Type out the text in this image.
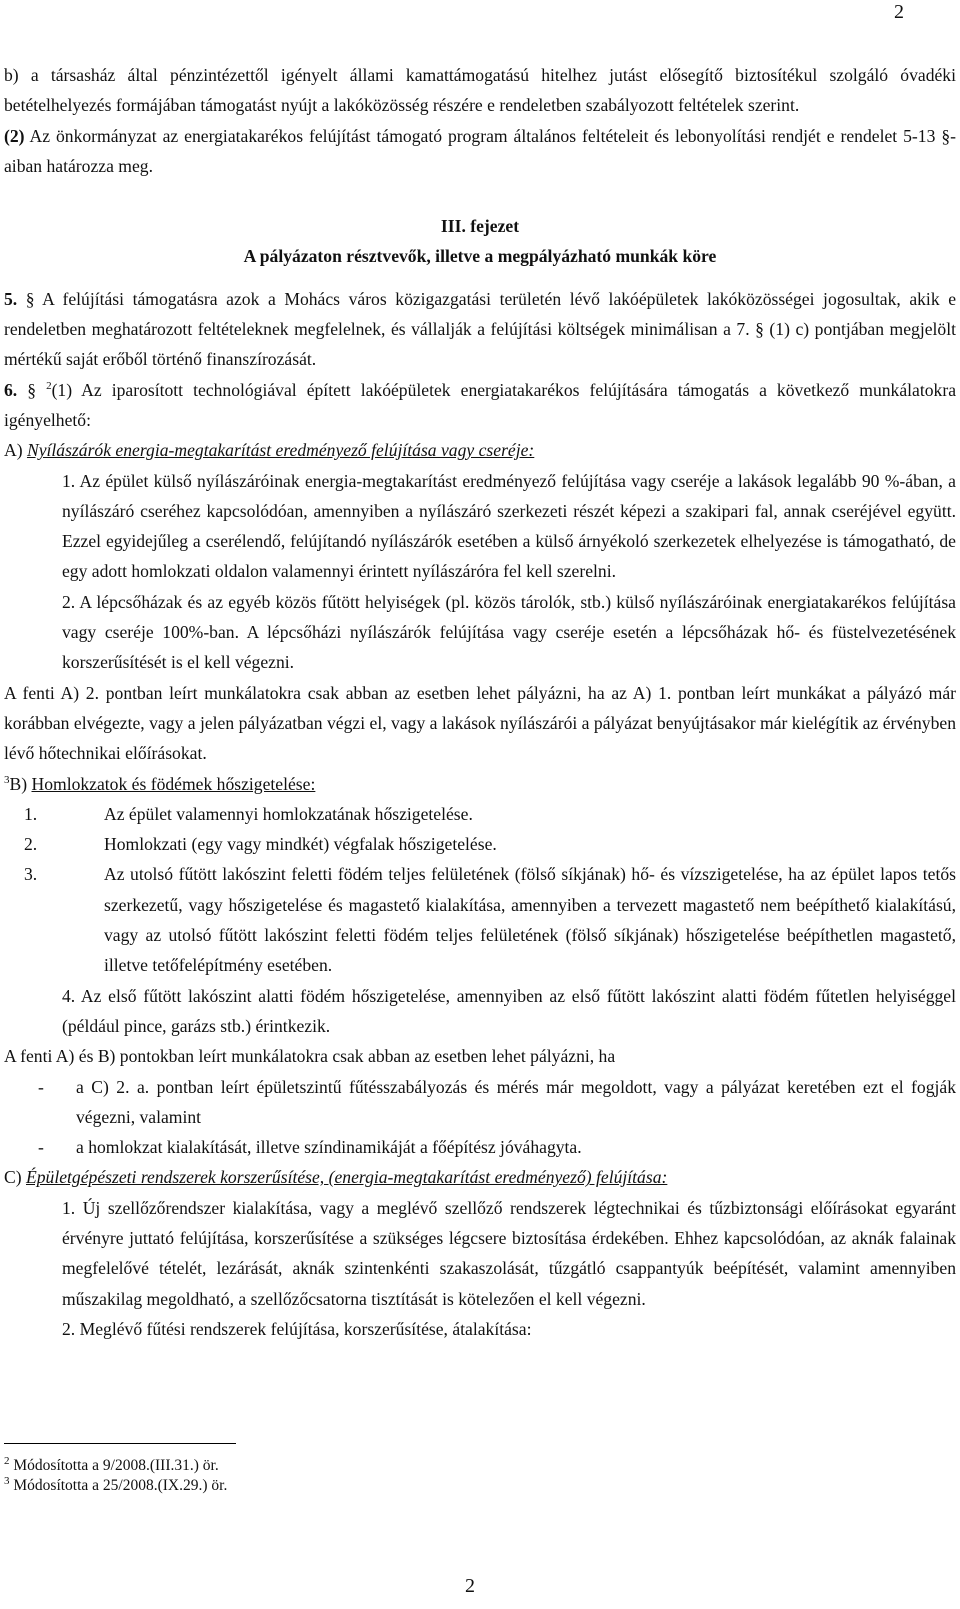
2

b) a társasház által pénzintézettől igényelt állami kamattámogatású hitelhez jutást elősegítő biztosítékul szolgáló óvadéki betételhelyezés formájában támogatást nyújt a lakóközösség részére e rendeletben szabályozott feltételek szerint.

(2) Az önkormányzat az energiatakarékos felújítást támogató program általános feltételeit és lebonyolítási rendjét e rendelet 5-13 §-aiban határozza meg.

III. fejezet

A pályázaton résztvevők, illetve a megpályázható munkák köre

5. § A felújítási támogatásra azok a Mohács város közigazgatási területén lévő lakóépületek lakóközösségei jogosultak, akik e rendeletben meghatározott feltételeknek megfelelnek, és vállalják a felújítási költségek minimálisan a 7. § (1) c) pontjában megjelölt mértékű saját erőből történő finanszírozását.

6. § $^2$(1) Az iparosított technológiával épített lakóépületek energiatakarékos felújítására támogatás a következő munkálatokra igényelhető:

A) Nyílászárók energia-megtakarítást eredményező felújítása vagy cseréje:

1. Az épület külső nyílászáróinak energia-megtakarítást eredményező felújítása vagy cseréje a lakások legalább 90 %-ában, a nyílászáró cseréhez kapcsolódóan, amennyiben a nyílászáró szerkezeti részét képezi a szakipari fal, annak cseréjével együtt. Ezzel egyidejűleg a cserélendő, felújítandó nyílászárók esetében a külső árnyékoló szerkezetek elhelyezése is támogatható, de egy adott homlokzati oldalon valamennyi érintett nyílászáróra fel kell szerelni.

2. A lépcsőházak és az egyéb közös fűtött helyiségek (pl. közös tárolók, stb.) külső nyílászáróinak energiatakarékos felújítása vagy cseréje 100%-ban. A lépcsőházi nyílászárók felújítása vagy cseréje esetén a lépcsőházak hő- és füstelvezetésének korszerűsítését is el kell végezni.

A fenti A) 2. pontban leírt munkálatokra csak abban az esetben lehet pályázni, ha az A) 1. pontban leírt munkákat a pályázó már korábban elvégezte, vagy a jelen pályázatban végzi el, vagy a lakások nyílászárói a pályázat benyújtásakor már kielégítik az érvényben lévő hőtechnikai előírásokat.

$^3$B) Homlokzatok és födémek hőszigetelése:

1.	Az épület valamennyi homlokzatának hőszigetelése.

2.	Homlokzati (egy vagy mindkét) végfalak hőszigetelése.

3.	Az utolsó fűtött lakószint feletti födém teljes felületének (fölső síkjának) hő- és vízszigetelése, ha az épület lapos tetős szerkezetű, vagy hőszigetelése és magastető kialakítása, amennyiben a tervezett magastető nem beépíthető kialakítású, vagy az utolsó fűtött lakószint feletti födém teljes felületének (fölső síkjának) hőszigetelése beépíthetlen magastető, illetve tetőfelépítmény esetében.

4. Az első fűtött lakószint alatti födém hőszigetelése, amennyiben az első fűtött lakószint alatti födém fűtetlen helyiséggel (például pince, garázs stb.) érintkezik.

A fenti A) és B) pontokban leírt munkálatokra csak abban az esetben lehet pályázni, ha

- a C) 2. a. pontban leírt épületszintű fűtésszabályozás és mérés már megoldott, vagy a pályázat keretében ezt el fogják végezni, valamint

- a homlokzat kialakítását, illetve színdinamikáját a főépítész jóváhagyta.

C) Épületgépészeti rendszerek korszerűsítése, (energia-megtakarítást eredményező) felújítása:

1. Új szellőzőrendszer kialakítása, vagy a meglévő szellőző rendszerek légtechnikai és tűzbiztonsági előírásokat egyaránt érvényre juttató felújítása, korszerűsítése a szükséges légcsere biztosítása érdekében. Ehhez kapcsolódóan, az aknák falainak megfelelővé tételét, lezárását, aknák szintenkénti szakaszolását, tűzgátló csappantyúk beépítését, valamint amennyiben műszakilag megoldható, a szellőzőcsatorna tisztítását is kötelezően el kell végezni.

2. Meglévő fűtési rendszerek felújítása, korszerűsítése, átalakítása:

$^2$ Módosította a 9/2008.(III.31.) ör.

$^3$ Módosította a 25/2008.(IX.29.) ör.

2
